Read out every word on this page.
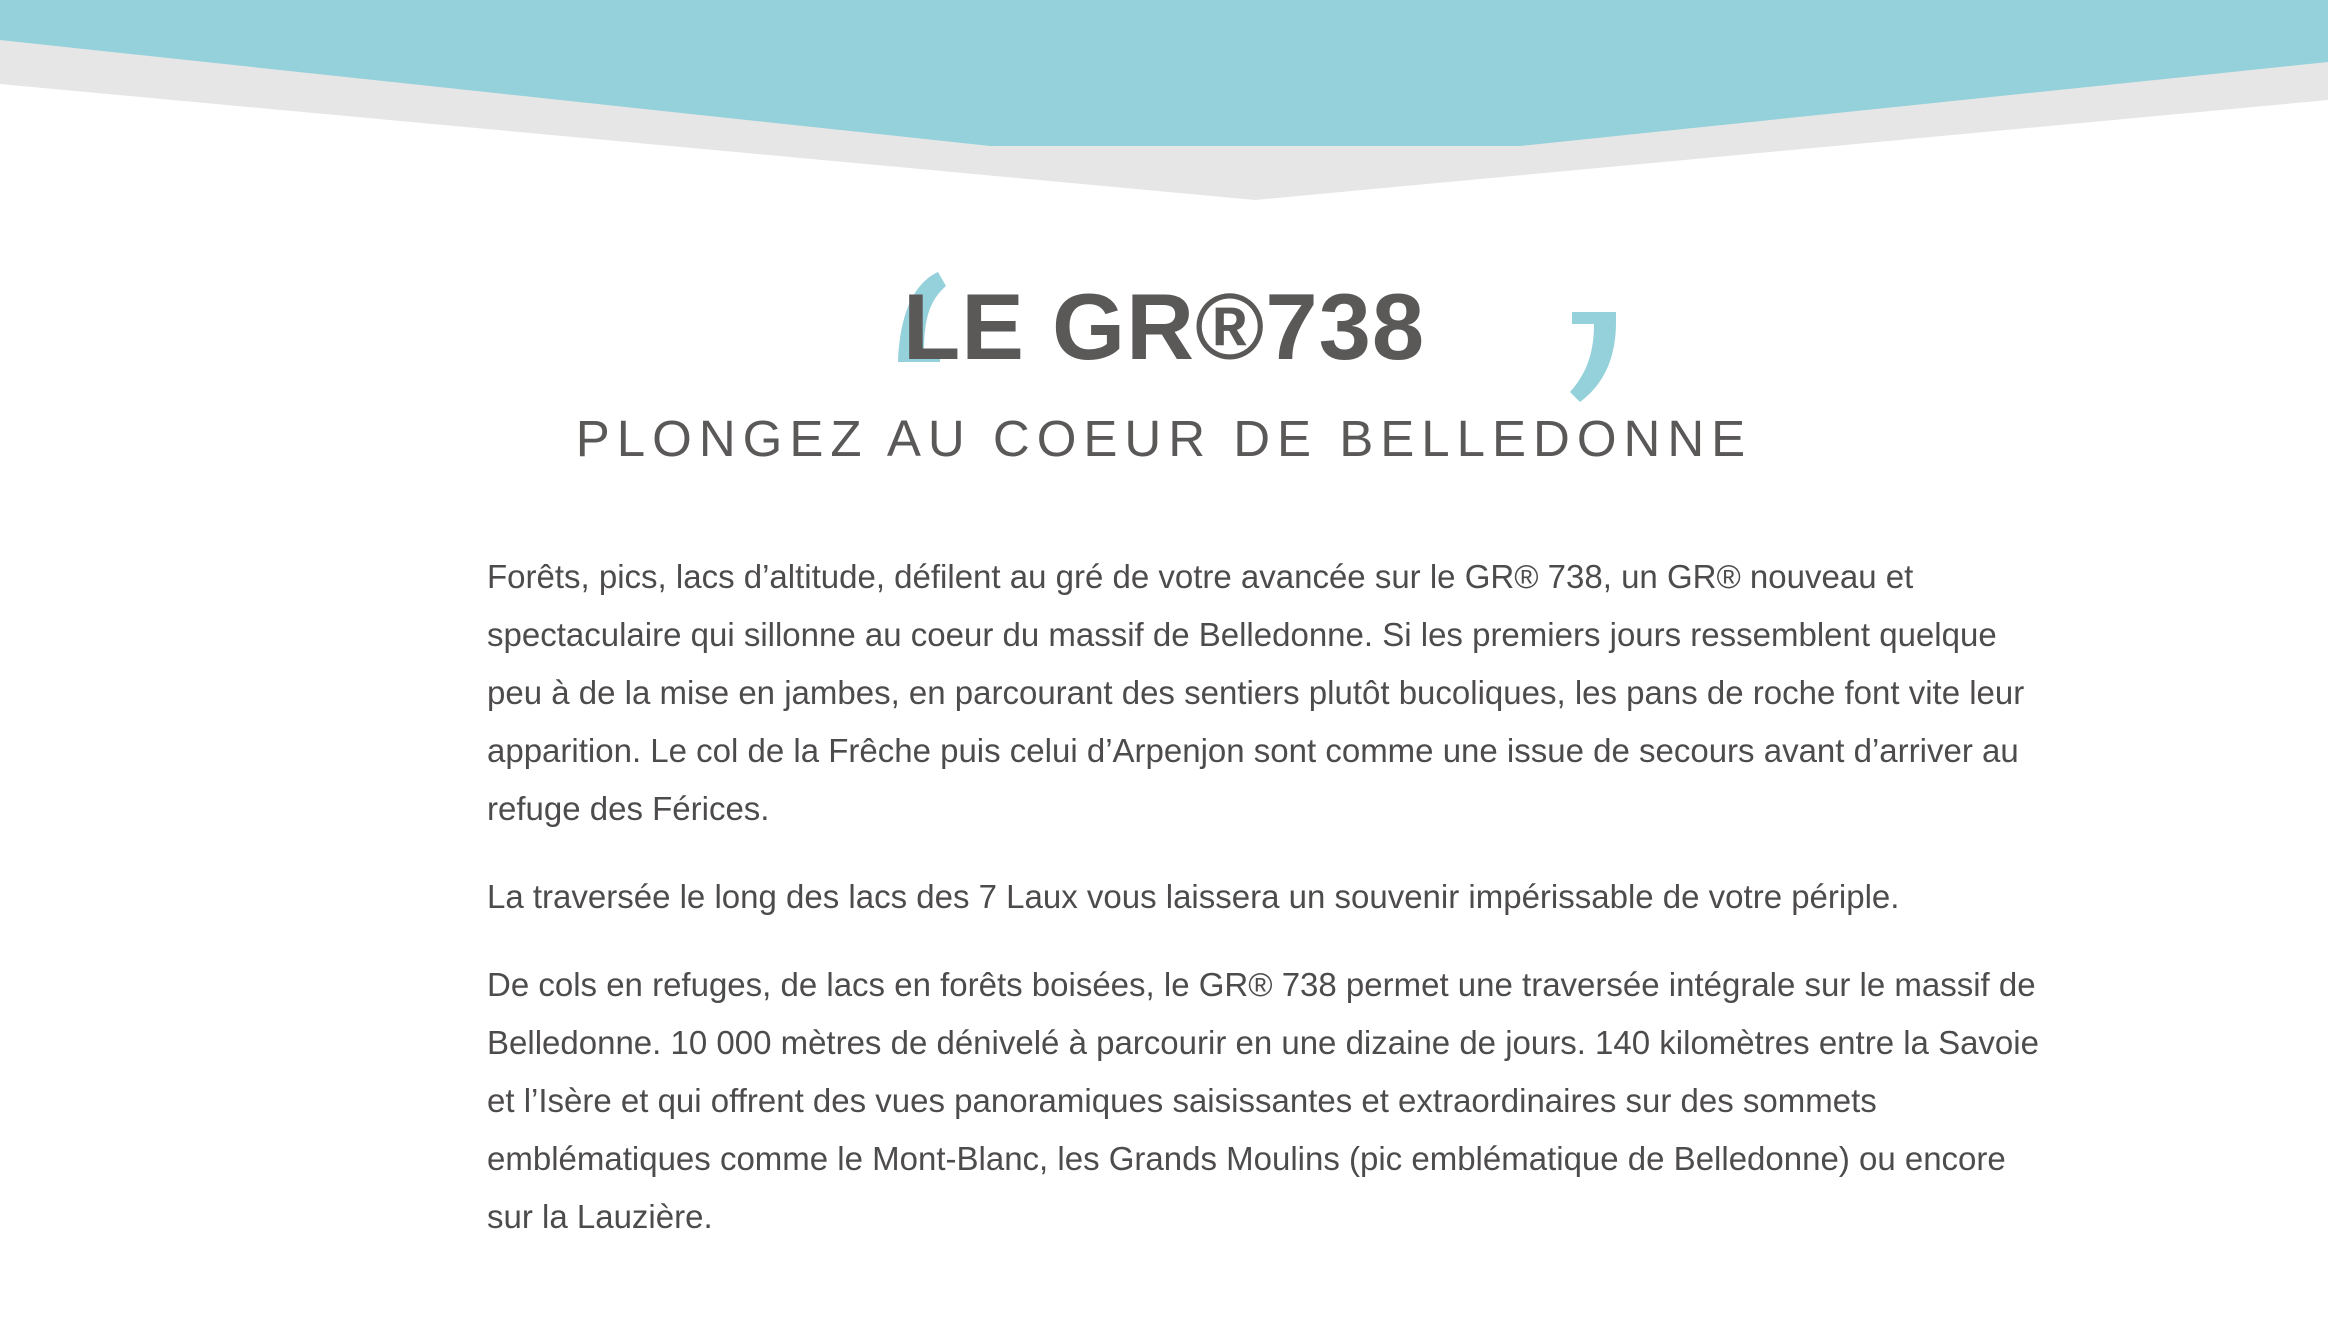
LE GR®738
PLONGEZ AU COEUR DE BELLEDONNE

Forêts, pics, lacs d’altitude, défilent au gré de votre avancée sur le GR® 738, un GR® nouveau et spectaculaire qui sillonne au coeur du massif de Belledonne. Si les premiers jours ressemblent quelque peu à de la mise en jambes, en parcourant des sentiers plutôt bucoliques, les pans de roche font vite leur apparition. Le col de la Frêche puis celui d’Arpenjon sont comme une issue de secours avant d’arriver au refuge des Férices.

La traversée le long des lacs des 7 Laux vous laissera un souvenir impérissable de votre périple.

De cols en refuges, de lacs en forêts boisées, le GR® 738 permet une traversée intégrale sur le massif de Belledonne. 10 000 mètres de dénivelé à parcourir en une dizaine de jours. 140 kilomètres entre la Savoie et l’Isère et qui offrent des vues panoramiques saisissantes et extraordinaires sur des sommets emblématiques comme le Mont-Blanc, les Grands Moulins (pic emblématique de Belledonne) ou encore sur la Lauzière.
